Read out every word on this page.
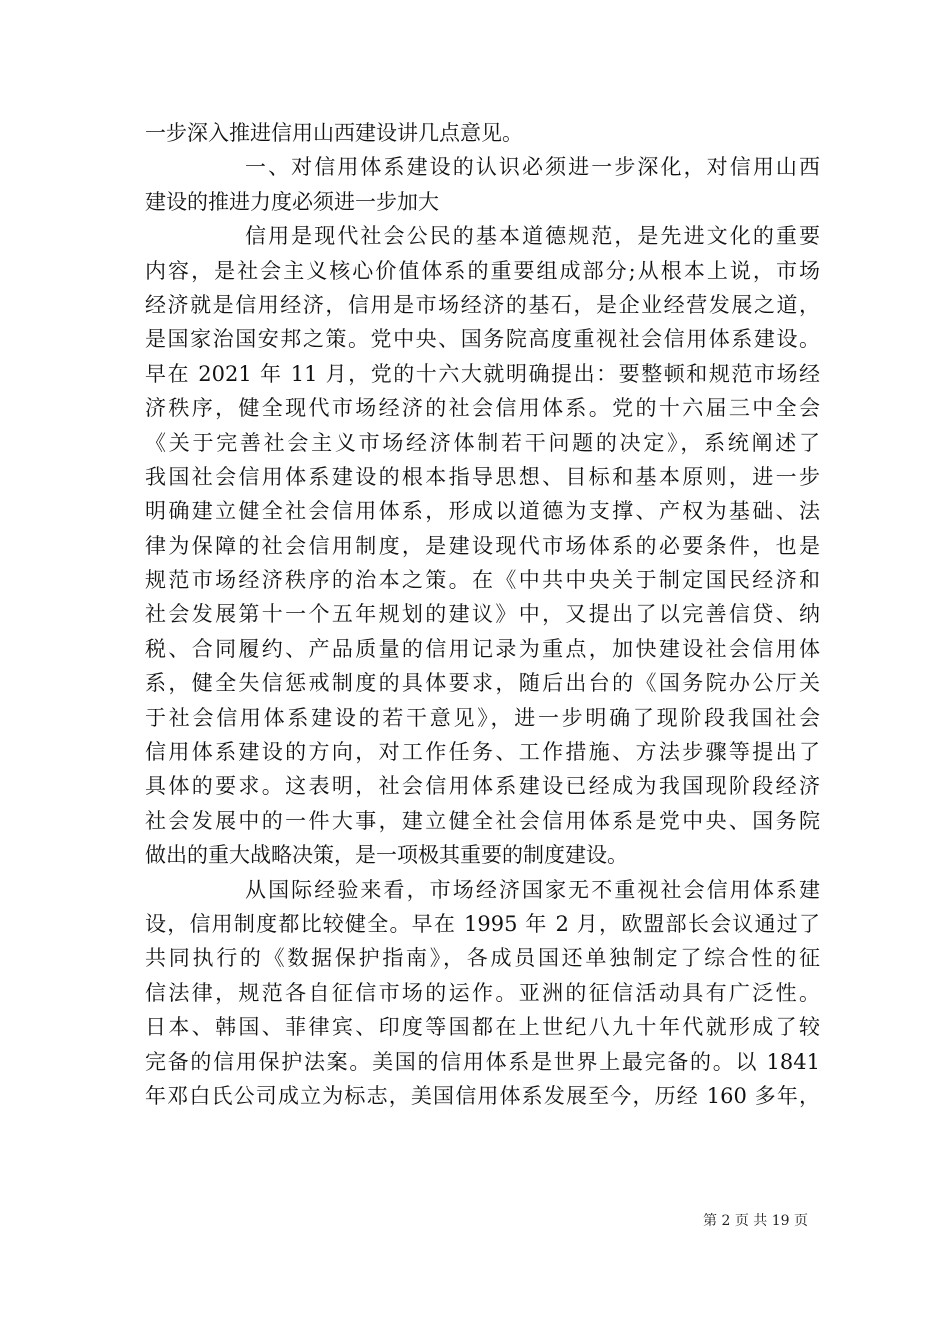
一步深入推进信用山西建设讲几点意见。
一、对信用体系建设的认识必须进一步深化，对信用山西
建设的推进力度必须进一步加大
信用是现代社会公民的基本道德规范，是先进文化的重要
内容，是社会主义核心价值体系的重要组成部分;从根本上说，市场
经济就是信用经济，信用是市场经济的基石，是企业经营发展之道，
是国家治国安邦之策。党中央、国务院高度重视社会信用体系建设。
早在 2021 年 11 月，党的十六大就明确提出：要整顿和规范市场经
济秩序，健全现代市场经济的社会信用体系。党的十六届三中全会
《关于完善社会主义市场经济体制若干问题的决定》，系统阐述了
我国社会信用体系建设的根本指导思想、目标和基本原则，进一步
明确建立健全社会信用体系，形成以道德为支撑、产权为基础、法
律为保障的社会信用制度，是建设现代市场体系的必要条件，也是
规范市场经济秩序的治本之策。在《中共中央关于制定国民经济和
社会发展第十一个五年规划的建议》中，又提出了以完善信贷、纳
税、合同履约、产品质量的信用记录为重点，加快建设社会信用体
系，健全失信惩戒制度的具体要求，随后出台的《国务院办公厅关
于社会信用体系建设的若干意见》，进一步明确了现阶段我国社会
信用体系建设的方向，对工作任务、工作措施、方法步骤等提出了
具体的要求。这表明，社会信用体系建设已经成为我国现阶段经济
社会发展中的一件大事，建立健全社会信用体系是党中央、国务院
做出的重大战略决策，是一项极其重要的制度建设。
从国际经验来看，市场经济国家无不重视社会信用体系建
设，信用制度都比较健全。早在 1995 年 2 月，欧盟部长会议通过了
共同执行的《数据保护指南》，各成员国还单独制定了综合性的征
信法律，规范各自征信市场的运作。亚洲的征信活动具有广泛性。
日本、韩国、菲律宾、印度等国都在上世纪八九十年代就形成了较
完备的信用保护法案。美国的信用体系是世界上最完备的。以 1841
年邓白氏公司成立为标志，美国信用体系发展至今，历经 160 多年，
第 2 页 共 19 页
